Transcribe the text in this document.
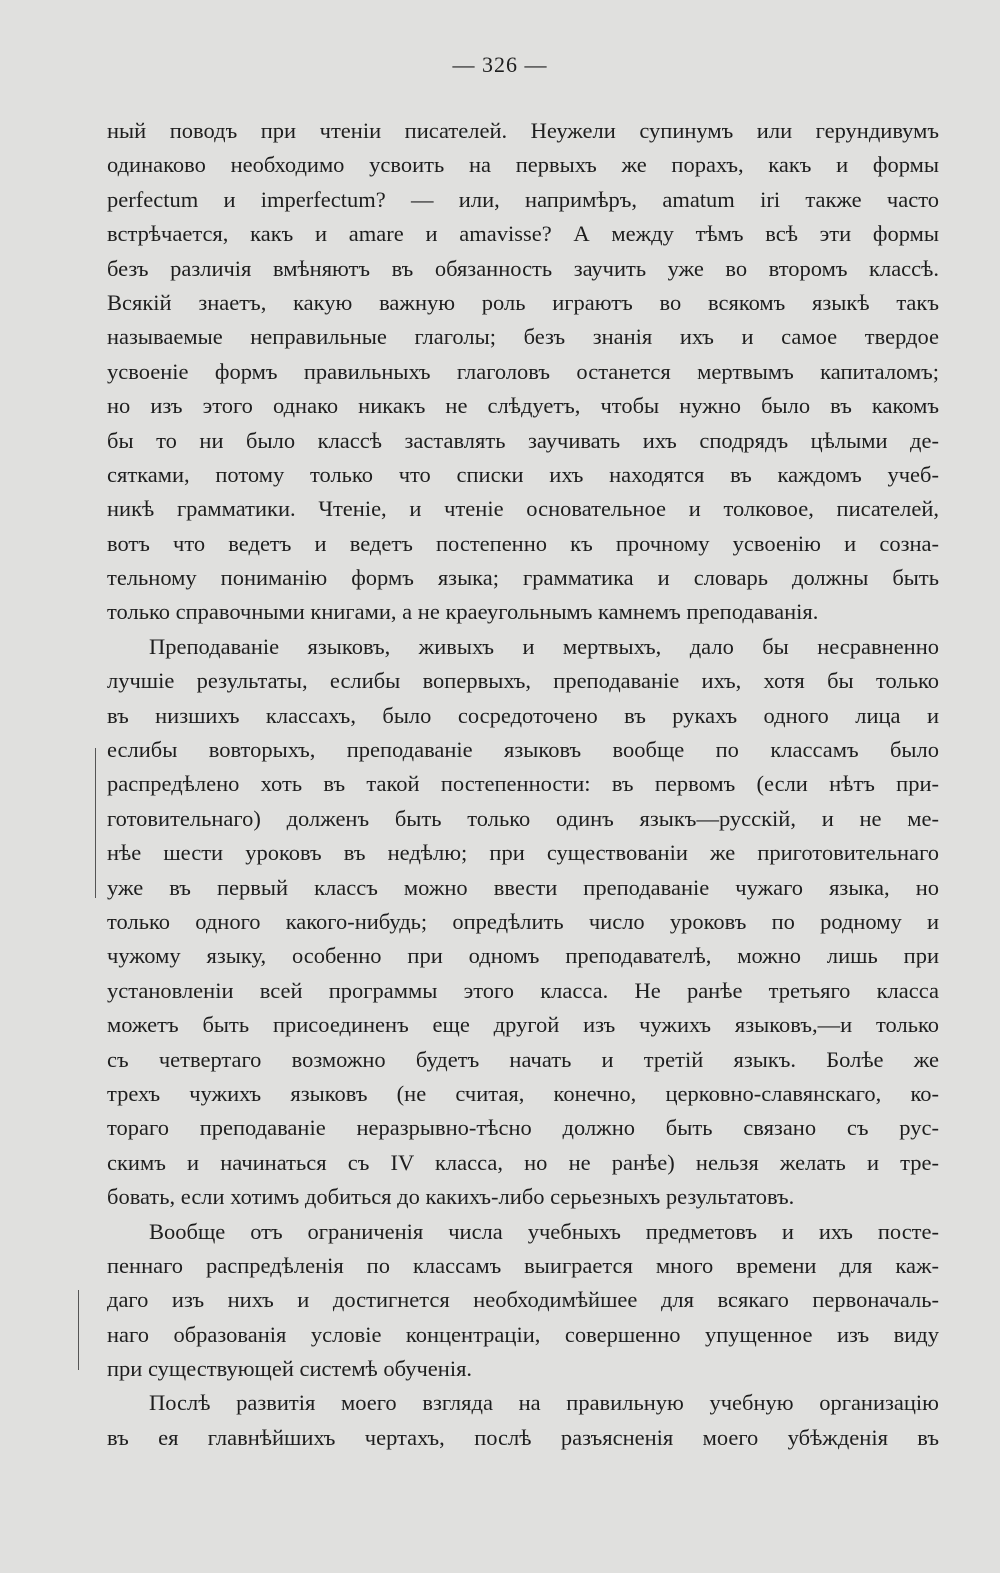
— 326 —
ный поводъ при чтенiи писателей. Неужели супинумъ или герундивумъ
одинаково необходимо усвоить на первыхъ же порахъ, какъ и формы
perfectum и imperfectum? — или, напримѣръ, amatum iri также часто
встрѣчается, какъ и amare и amavisse? А между тѣмъ всѣ эти формы
безъ различія вмѣняютъ въ обязанность заучить уже во второмъ классѣ.
Всякій знаетъ, какую важную роль играютъ во всякомъ языкѣ такъ
называемые неправильные глаголы; безъ знанія ихъ и самое твердое
усвоеніе формъ правильныхъ глаголовъ останется мертвымъ капиталомъ;
но изъ этого однако никакъ не слѣдуетъ, чтобы нужно было въ какомъ
бы то ни было классѣ заставлять заучивать ихъ сподрядъ цѣлыми де-
сятками, потому только что списки ихъ находятся въ каждомъ учеб-
никѣ грамматики. Чтеніе, и чтеніе основательное и толковое, писателей,
вотъ что ведетъ и ведетъ постепенно къ прочному усвоенію и созна-
тельному пониманію формъ языка; грамматика и словарь должны быть
только справочными книгами, а не краеугольнымъ камнемъ преподаванія.
Преподаваніе языковъ, живыхъ и мертвыхъ, дало бы несравненно
лучшіе результаты, еслибы вопервыхъ, преподаваніе ихъ, хотя бы только
въ низшихъ классахъ, было сосредоточено въ рукахъ одного лица и
еслибы вовторыхъ, преподаваніе языковъ вообще по классамъ было
распредѣлено хоть въ такой постепенности: въ первомъ (если нѣтъ при-
готовительнаго) долженъ быть только одинъ языкъ—русскій, и не ме-
нѣе шести уроковъ въ недѣлю; при существованіи же приготовительнаго
уже въ первый классъ можно ввести преподаваніе чужаго языка, но
только одного какого-нибудь; опредѣлить число уроковъ по родному и
чужому языку, особенно при одномъ преподавателѣ, можно лишь при
установленіи всей программы этого класса. Не ранѣе третьяго класса
можетъ быть присоединенъ еще другой изъ чужихъ языковъ,—и только
съ четвертаго возможно будетъ начать и третій языкъ. Болѣе же
трехъ чужихъ языковъ (не считая, конечно, церковно-славянскаго, ко-
тораго преподаваніе неразрывно-тѣсно должно быть связано съ рус-
скимъ и начинаться съ IV класса, но не ранѣе) нельзя желать и тре-
бовать, если хотимъ добиться до какихъ-либо серьезныхъ результатовъ.
Вообще отъ ограниченія числа учебныхъ предметовъ и ихъ посте-
пеннаго распредѣленія по классамъ выиграется много времени для каж-
даго изъ нихъ и достигнется необходимѣйшее для всякаго первоначаль-
наго образованія условіе концентраціи, совершенно упущенное изъ виду
при существующей системѣ обученія.
Послѣ развитія моего взгляда на правильную учебную организацію
въ ея главнѣйшихъ чертахъ, послѣ разъясненія моего убѣжденія въ
